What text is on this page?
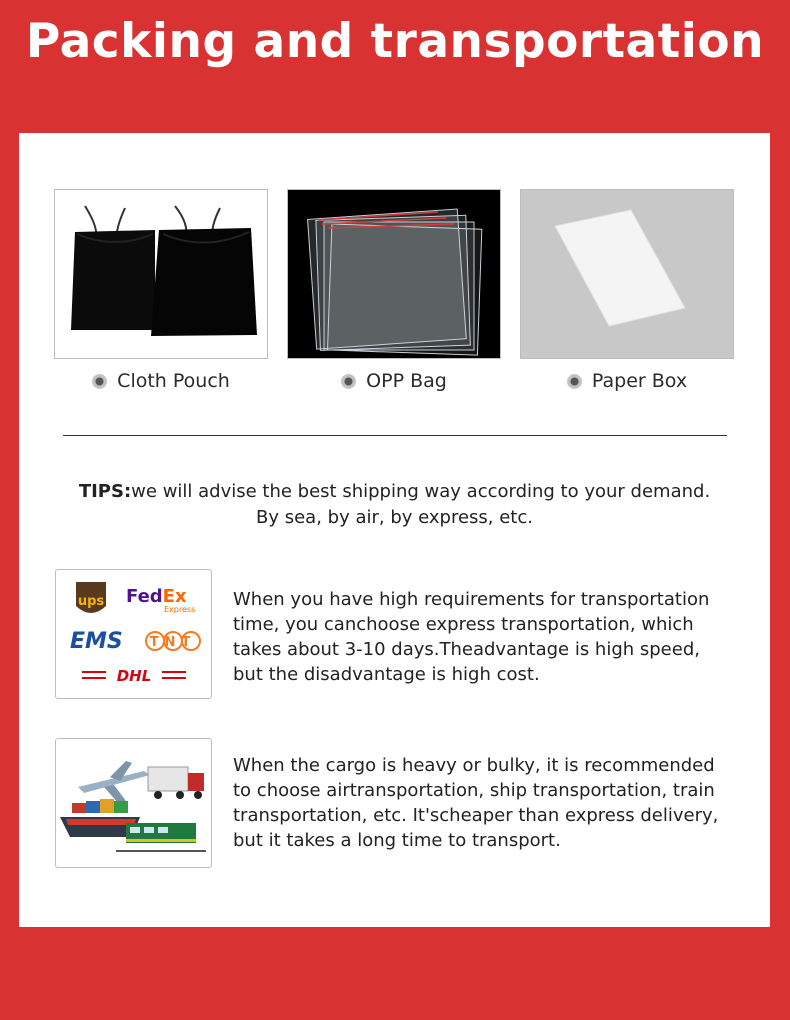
Packing and transportation
Cloth Pouch	OPP Bag	Paper Box
TIPS:we will advise the best shipping way according to your demand.
By sea, by air, by express, etc.
ups FedEx
Express
EMS TNT
DHL
When you have high requirements for transportation time, you canchoose express transportation, which takes about 3-10 days.Theadvantage is high speed, but the disadvantage is high cost.
When the cargo is heavy or bulky, it is recommended to choose airtransportation, ship transportation, train transportation, etc. It'scheaper than express delivery, but it takes a long time to transport.
